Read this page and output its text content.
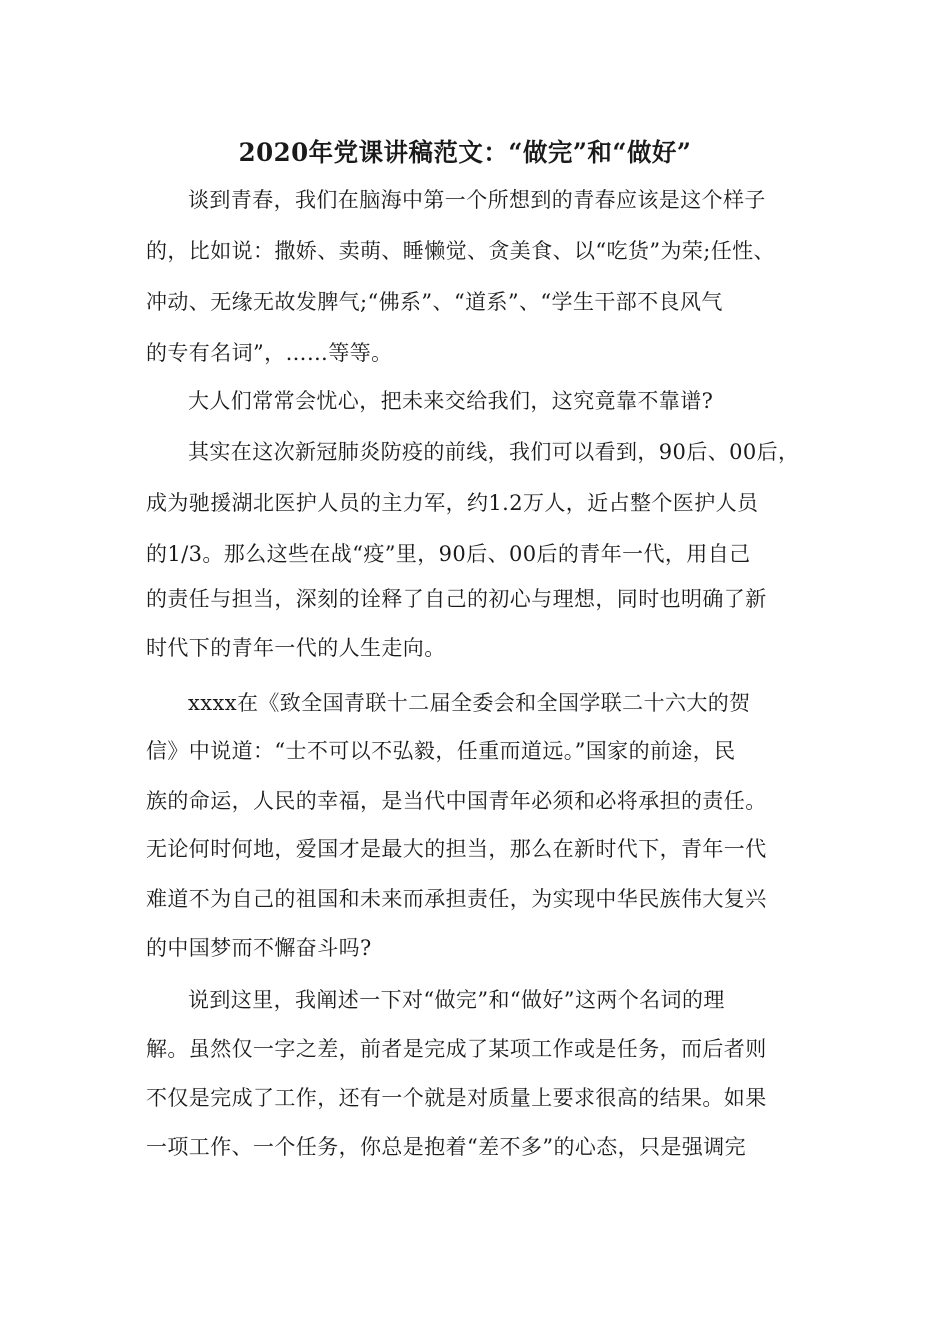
2020年党课讲稿范文：“做完”和“做好”
谈到青春，我们在脑海中第一个所想到的青春应该是这个样子
的，比如说：撒娇、卖萌、睡懒觉、贪美食、以“吃货”为荣;任性、
冲动、无缘无故发脾气;“佛系”、“道系”、“学生干部不良风气
的专有名词”，……等等。
大人们常常会忧心，把未来交给我们，这究竟靠不靠谱?
其实在这次新冠肺炎防疫的前线，我们可以看到，90后、00后，
成为驰援湖北医护人员的主力军，约1.2万人，近占整个医护人员
的1/3。那么这些在战“疫”里，90后、00后的青年一代，用自己
的责任与担当，深刻的诠释了自己的初心与理想，同时也明确了新
时代下的青年一代的人生走向。
xxxx在《致全国青联十二届全委会和全国学联二十六大的贺
信》中说道：“士不可以不弘毅，任重而道远。”国家的前途，民
族的命运，人民的幸福，是当代中国青年必须和必将承担的责任。
无论何时何地，爱国才是最大的担当，那么在新时代下，青年一代
难道不为自己的祖国和未来而承担责任，为实现中华民族伟大复兴
的中国梦而不懈奋斗吗?
说到这里，我阐述一下对“做完”和“做好”这两个名词的理
解。虽然仅一字之差，前者是完成了某项工作或是任务，而后者则
不仅是完成了工作，还有一个就是对质量上要求很高的结果。如果
一项工作、一个任务，你总是抱着“差不多”的心态，只是强调完
